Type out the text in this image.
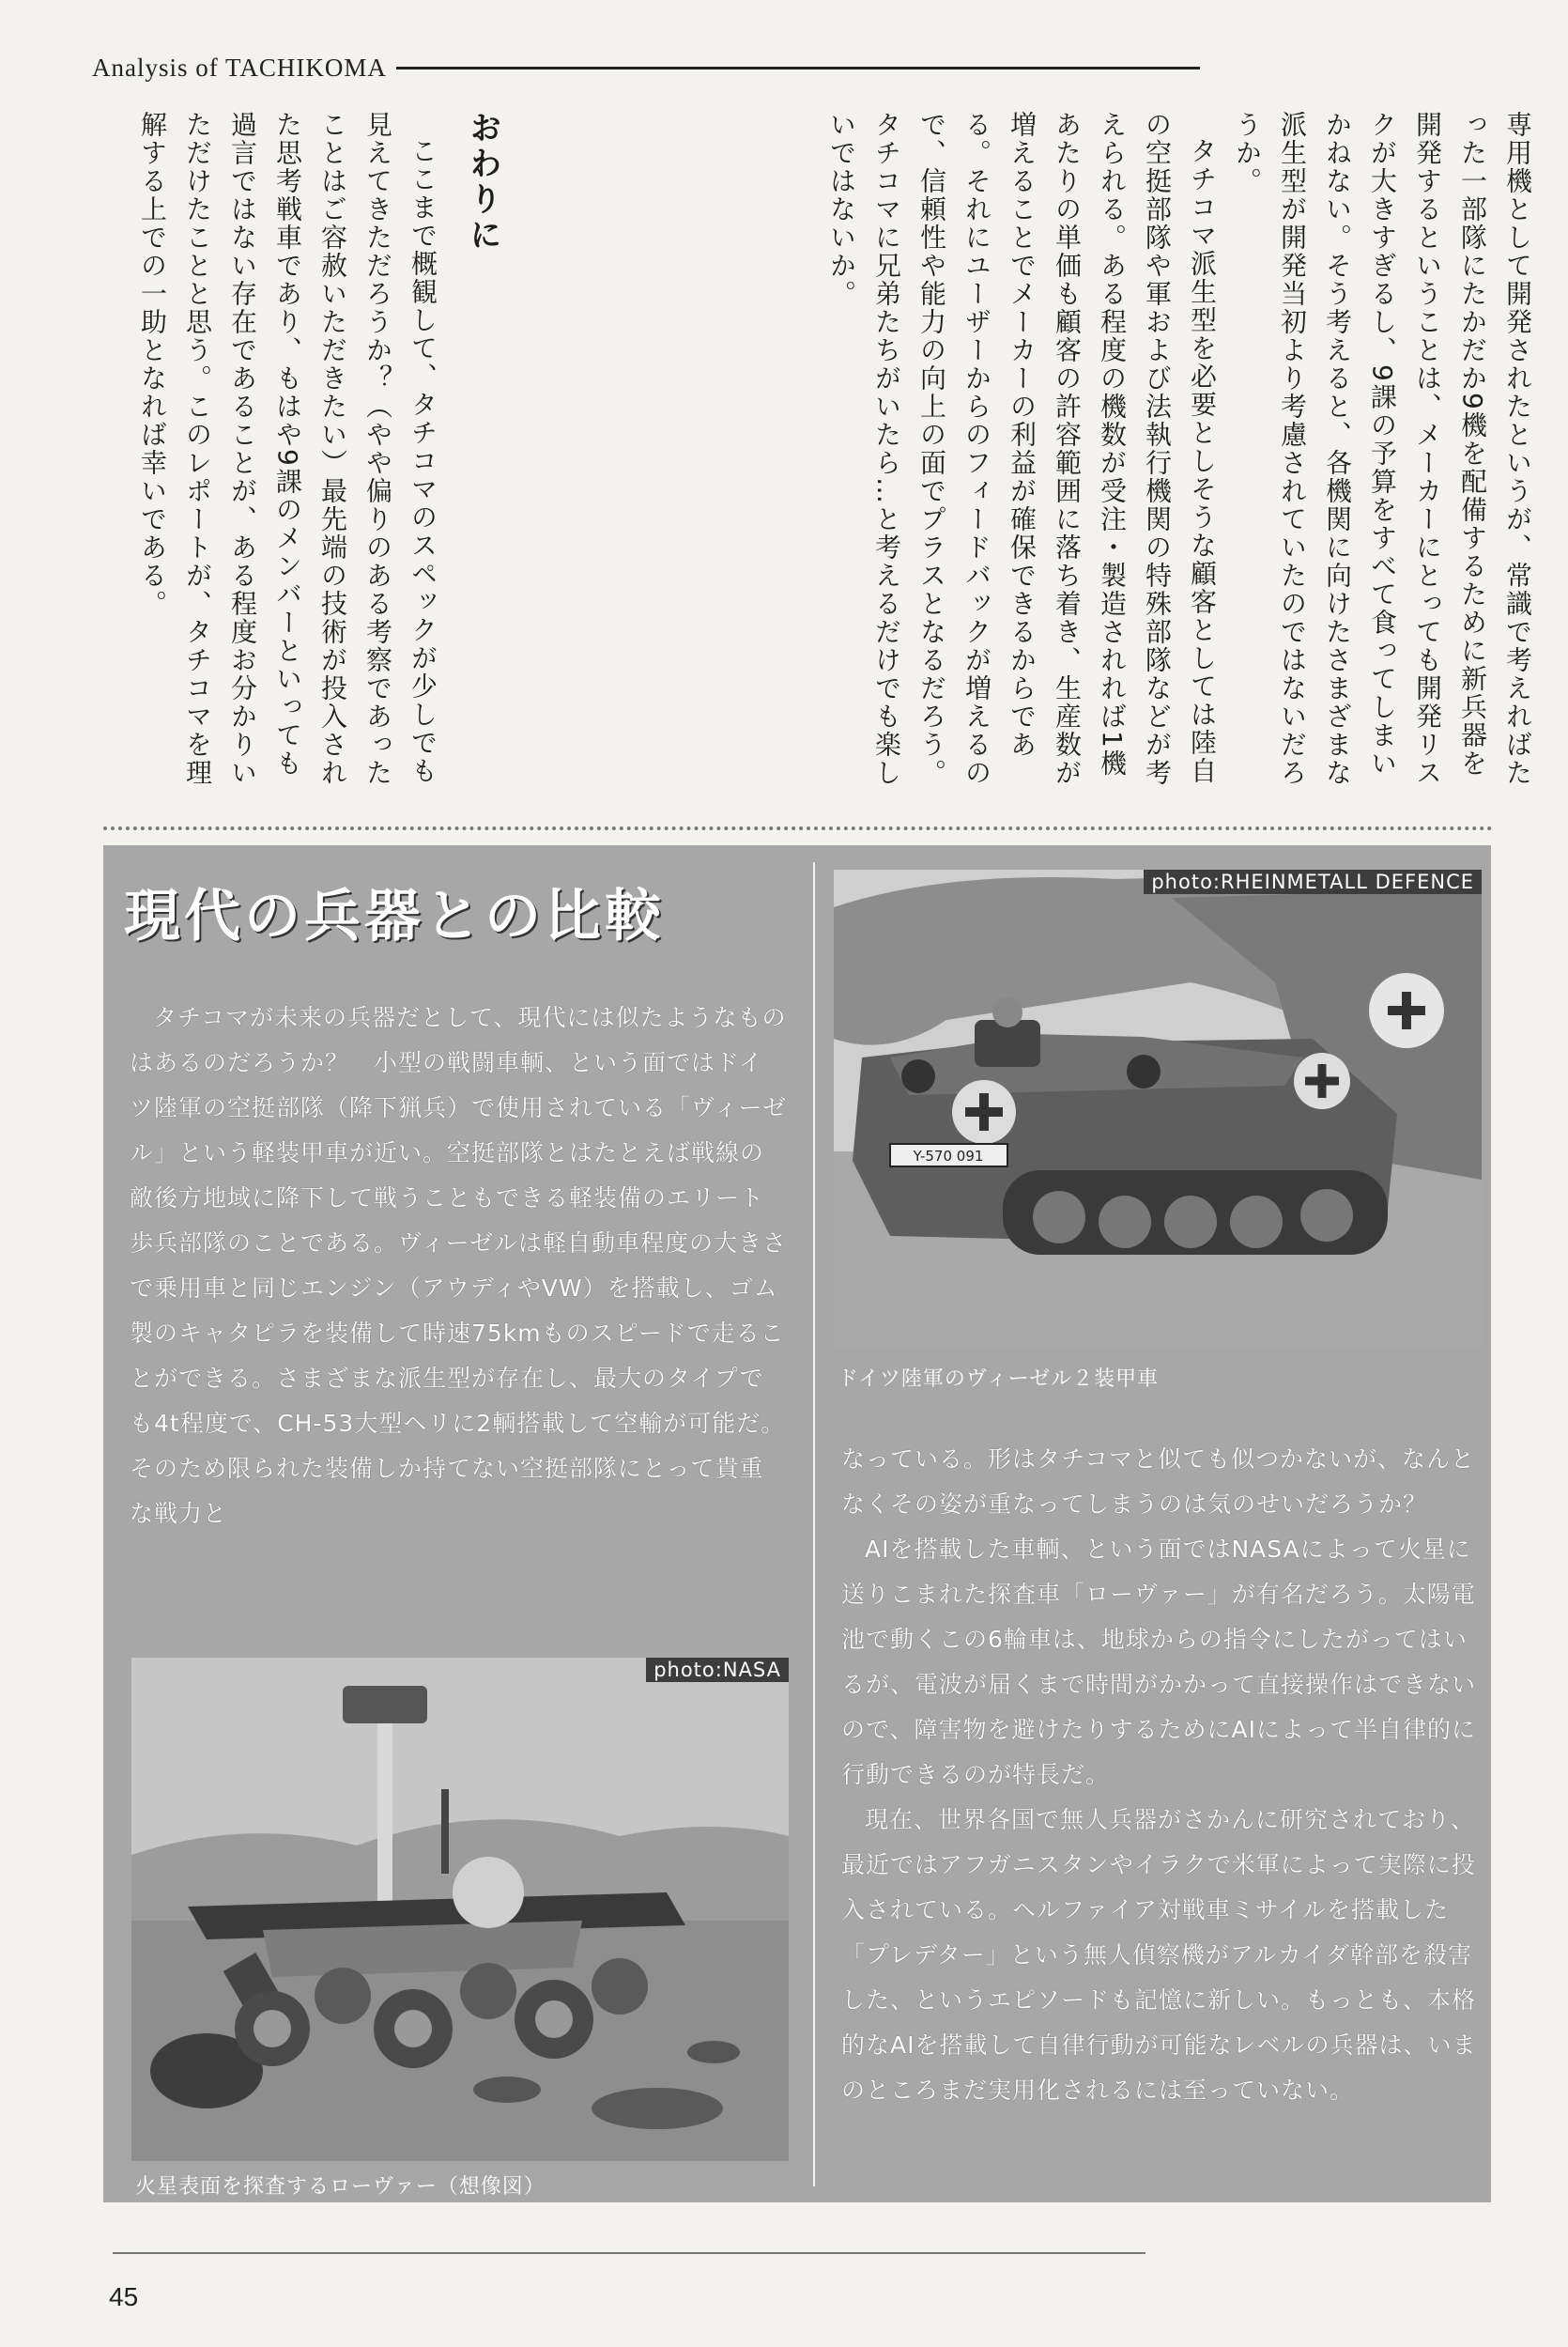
Analysis of TACHIKOMA

専用機として開発されたというが、常識で考えればたった一部隊にたかだか9機を配備するために新兵器を開発するということは、メーカーにとっても開発リスクが大きすぎるし、9課の予算をすべて食ってしまいかねない。そう考えると、各機関に向けたさまざまな派生型が開発当初より考慮されていたのではないだろうか。

タチコマ派生型を必要としそうな顧客としては陸自の空挺部隊や軍および法執行機関の特殊部隊などが考えられる。ある程度の機数が受注・製造されれば1機あたりの単価も顧客の許容範囲に落ち着き、生産数が増えることでメーカーの利益が確保できるからである。それにユーザーからのフィードバックが増えるので、信頼性や能力の向上の面でプラスとなるだろう。タチコマに兄弟たちがいたら…と考えるだけでも楽しいではないか。

おわりに

ここまで概観して、タチコマのスペックが少しでも見えてきただろうか？（やや偏りのある考察であったことはご容赦いただきたい）最先端の技術が投入された思考戦車であり、もはや9課のメンバーといっても過言ではない存在であることが、ある程度お分かりいただけたことと思う。このレポートが、タチコマを理解する上での一助となれば幸いである。

現代の兵器との比較

タチコマが未来の兵器だとして、現代には似たようなものはあるのだろうか？　小型の戦闘車輌、という面ではドイツ陸軍の空挺部隊（降下猟兵）で使用されている「ヴィーゼル」という軽装甲車が近い。空挺部隊とはたとえば戦線の敵後方地域に降下して戦うこともできる軽装備のエリート歩兵部隊のことである。ヴィーゼルは軽自動車程度の大きさで乗用車と同じエンジン（アウディやVW）を搭載し、ゴム製のキャタピラを装備して時速75kmものスピードで走ることができる。さまざまな派生型が存在し、最大のタイプでも4t程度で、CH-53大型ヘリに2輌搭載して空輸が可能だ。そのため限られた装備しか持てない空挺部隊にとって貴重な戦力と

Y-570 091
photo:RHEINMETALL DEFENCE
ドイツ陸軍のヴィーゼル２装甲車

なっている。形はタチコマと似ても似つかないが、なんとなくその姿が重なってしまうのは気のせいだろうか？

AIを搭載した車輌、という面ではNASAによって火星に送りこまれた探査車「ローヴァー」が有名だろう。太陽電池で動くこの6輪車は、地球からの指令にしたがってはいるが、電波が届くまで時間がかかって直接操作はできないので、障害物を避けたりするためにAIによって半自律的に行動できるのが特長だ。

現在、世界各国で無人兵器がさかんに研究されており、最近ではアフガニスタンやイラクで米軍によって実際に投入されている。ヘルファイア対戦車ミサイルを搭載した「プレデター」という無人偵察機がアルカイダ幹部を殺害した、というエピソードも記憶に新しい。もっとも、本格的なAIを搭載して自律行動が可能なレベルの兵器は、いまのところまだ実用化されるには至っていない。

photo:NASA
火星表面を探査するローヴァー（想像図）
45
